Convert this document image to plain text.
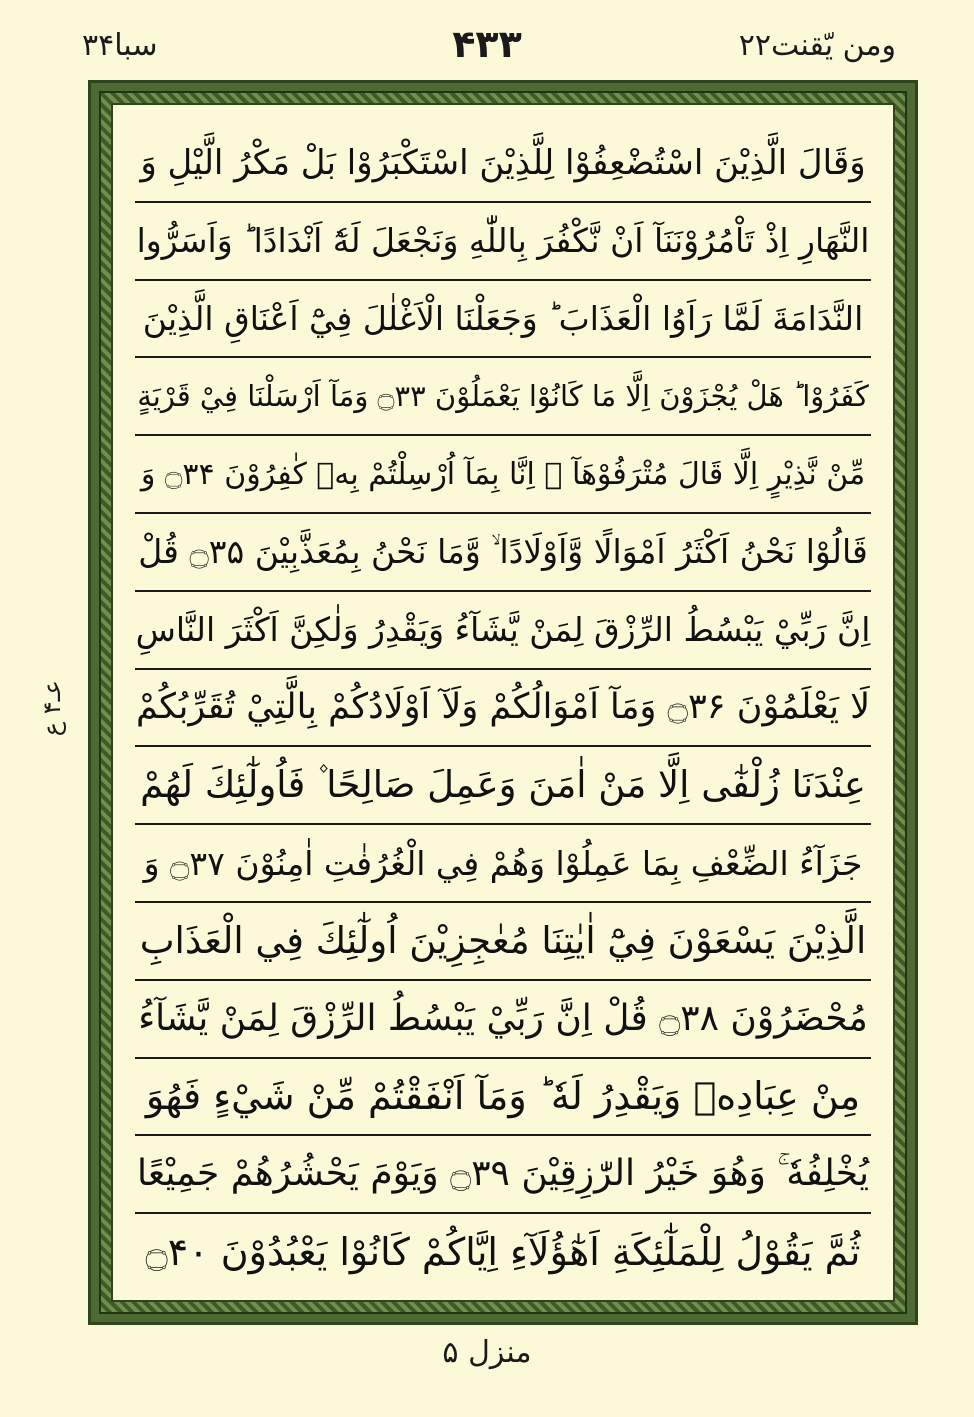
سبا۳۴	۴۳۳	ومن يّقنت۲۲
عـ۴ ع
وَقَالَ الَّذِيْنَ اسْتُضْعِفُوْا لِلَّذِيْنَ اسْتَكْبَرُوْا بَلْ مَكْرُ الَّيْلِ وَ
النَّهَارِ اِذْ تَاْمُرُوْنَنَآ اَنْ نَّكْفُرَ بِاللّٰهِ وَنَجْعَلَ لَهٗٓ اَنْدَادًا ؕ وَاَسَرُّوا
النَّدَامَةَ لَمَّا رَاَوُا الْعَذَابَ ؕ وَجَعَلْنَا الْاَغْلٰلَ فِيْٓ اَعْنَاقِ الَّذِيْنَ
كَفَرُوْا ؕ هَلْ يُجْزَوْنَ اِلَّا مَا كَانُوْا يَعْمَلُوْنَ ۝۳۳ وَمَآ اَرْسَلْنَا فِيْ قَرْيَةٍ
مِّنْ نَّذِيْرٍ اِلَّا قَالَ مُتْرَفُوْهَآ ۙ اِنَّا بِمَآ اُرْسِلْتُمْ بِهٖ كٰفِرُوْنَ ۝۳۴ وَ
قَالُوْا نَحْنُ اَكْثَرُ اَمْوَالًا وَّاَوْلَادًا ۙ وَّمَا نَحْنُ بِمُعَذَّبِيْنَ ۝۳۵ قُلْ
اِنَّ رَبِّيْ يَبْسُطُ الرِّزْقَ لِمَنْ يَّشَآءُ وَيَقْدِرُ وَلٰكِنَّ اَكْثَرَ النَّاسِ
لَا يَعْلَمُوْنَ ۝۳۶ وَمَآ اَمْوَالُكُمْ وَلَآ اَوْلَادُكُمْ بِالَّتِيْ تُقَرِّبُكُمْ
عِنْدَنَا زُلْفٰٓى اِلَّا مَنْ اٰمَنَ وَعَمِلَ صَالِحًا ۫ فَاُولٰٓئِكَ لَهُمْ
جَزَآءُ الضِّعْفِ بِمَا عَمِلُوْا وَهُمْ فِي الْغُرُفٰتِ اٰمِنُوْنَ ۝۳۷ وَ
الَّذِيْنَ يَسْعَوْنَ فِيْٓ اٰيٰتِنَا مُعٰجِزِيْنَ اُولٰٓئِكَ فِي الْعَذَابِ
مُحْضَرُوْنَ ۝۳۸ قُلْ اِنَّ رَبِّيْ يَبْسُطُ الرِّزْقَ لِمَنْ يَّشَآءُ
مِنْ عِبَادِهٖ وَيَقْدِرُ لَهٗ ؕ وَمَآ اَنْفَقْتُمْ مِّنْ شَيْءٍ فَهُوَ
يُخْلِفُهٗ ۚ وَهُوَ خَيْرُ الرّٰزِقِيْنَ ۝۳۹ وَيَوْمَ يَحْشُرُهُمْ جَمِيْعًا
ثُمَّ يَقُوْلُ لِلْمَلٰٓئِكَةِ اَهٰٓؤُلَآءِ اِيَّاكُمْ كَانُوْا يَعْبُدُوْنَ ۝۴۰
منزل ۵
